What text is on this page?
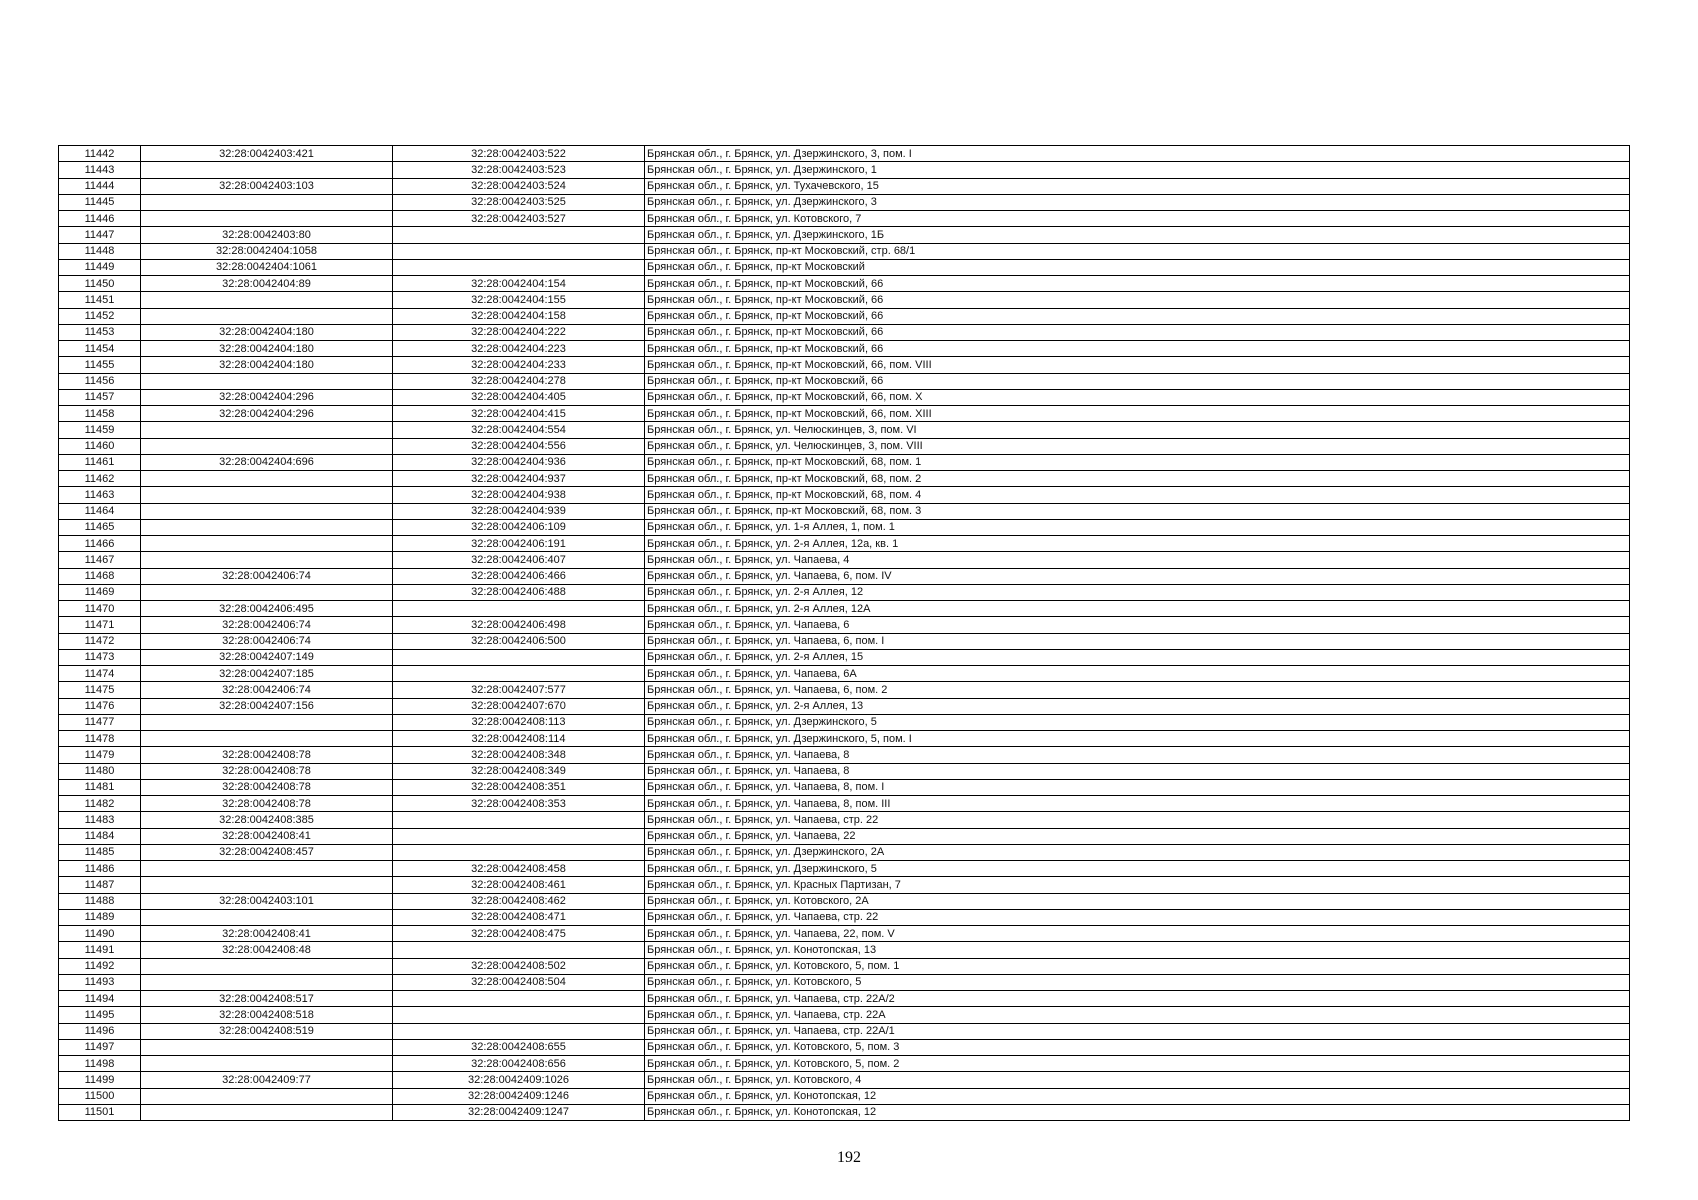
11442	32:28:0042403:421	32:28:0042403:522	Брянская обл., г. Брянск, ул. Дзержинского, 3, пом. I
11443		32:28:0042403:523	Брянская обл., г. Брянск, ул. Дзержинского, 1
11444	32:28:0042403:103	32:28:0042403:524	Брянская обл., г. Брянск, ул. Тухачевского, 15
11445		32:28:0042403:525	Брянская обл., г. Брянск, ул. Дзержинского, 3
11446		32:28:0042403:527	Брянская обл., г. Брянск, ул. Котовского, 7
11447	32:28:0042403:80		Брянская обл., г. Брянск, ул. Дзержинского, 1Б
11448	32:28:0042404:1058		Брянская обл., г. Брянск, пр-кт Московский, стр. 68/1
11449	32:28:0042404:1061		Брянская обл., г. Брянск, пр-кт Московский
11450	32:28:0042404:89	32:28:0042404:154	Брянская обл., г. Брянск, пр-кт Московский, 66
11451		32:28:0042404:155	Брянская обл., г. Брянск, пр-кт Московский, 66
11452		32:28:0042404:158	Брянская обл., г. Брянск, пр-кт Московский, 66
11453	32:28:0042404:180	32:28:0042404:222	Брянская обл., г. Брянск, пр-кт Московский, 66
11454	32:28:0042404:180	32:28:0042404:223	Брянская обл., г. Брянск, пр-кт Московский, 66
11455	32:28:0042404:180	32:28:0042404:233	Брянская обл., г. Брянск, пр-кт Московский, 66, пом. VIII
11456		32:28:0042404:278	Брянская обл., г. Брянск, пр-кт Московский, 66
11457	32:28:0042404:296	32:28:0042404:405	Брянская обл., г. Брянск, пр-кт Московский, 66, пом. X
11458	32:28:0042404:296	32:28:0042404:415	Брянская обл., г. Брянск, пр-кт Московский, 66, пом. XIII
11459		32:28:0042404:554	Брянская обл., г. Брянск, ул. Челюскинцев, 3, пом. VI
11460		32:28:0042404:556	Брянская обл., г. Брянск, ул. Челюскинцев, 3, пом. VIII
11461	32:28:0042404:696	32:28:0042404:936	Брянская обл., г. Брянск, пр-кт Московский, 68, пом. 1
11462		32:28:0042404:937	Брянская обл., г. Брянск, пр-кт Московский, 68, пом. 2
11463		32:28:0042404:938	Брянская обл., г. Брянск, пр-кт Московский, 68, пом. 4
11464		32:28:0042404:939	Брянская обл., г. Брянск, пр-кт Московский, 68, пом. 3
11465		32:28:0042406:109	Брянская обл., г. Брянск, ул. 1-я Аллея, 1, пом. 1
11466		32:28:0042406:191	Брянская обл., г. Брянск, ул. 2-я Аллея, 12а, кв. 1
11467		32:28:0042406:407	Брянская обл., г. Брянск, ул. Чапаева, 4
11468	32:28:0042406:74	32:28:0042406:466	Брянская обл., г. Брянск, ул. Чапаева, 6, пом. IV
11469		32:28:0042406:488	Брянская обл., г. Брянск, ул. 2-я Аллея, 12
11470	32:28:0042406:495		Брянская обл., г. Брянск, ул. 2-я Аллея, 12А
11471	32:28:0042406:74	32:28:0042406:498	Брянская обл., г. Брянск, ул. Чапаева, 6
11472	32:28:0042406:74	32:28:0042406:500	Брянская обл., г. Брянск, ул. Чапаева, 6, пом. I
11473	32:28:0042407:149		Брянская обл., г. Брянск, ул. 2-я Аллея, 15
11474	32:28:0042407:185		Брянская обл., г. Брянск, ул. Чапаева, 6А
11475	32:28:0042406:74	32:28:0042407:577	Брянская обл., г. Брянск, ул. Чапаева, 6, пом. 2
11476	32:28:0042407:156	32:28:0042407:670	Брянская обл., г. Брянск, ул. 2-я Аллея, 13
11477		32:28:0042408:113	Брянская обл., г. Брянск, ул. Дзержинского, 5
11478		32:28:0042408:114	Брянская обл., г. Брянск, ул. Дзержинского, 5, пом. I
11479	32:28:0042408:78	32:28:0042408:348	Брянская обл., г. Брянск, ул. Чапаева, 8
11480	32:28:0042408:78	32:28:0042408:349	Брянская обл., г. Брянск, ул. Чапаева, 8
11481	32:28:0042408:78	32:28:0042408:351	Брянская обл., г. Брянск, ул. Чапаева, 8, пом. I
11482	32:28:0042408:78	32:28:0042408:353	Брянская обл., г. Брянск, ул. Чапаева, 8, пом. III
11483	32:28:0042408:385		Брянская обл., г. Брянск, ул. Чапаева, стр. 22
11484	32:28:0042408:41		Брянская обл., г. Брянск, ул. Чапаева, 22
11485	32:28:0042408:457		Брянская обл., г. Брянск, ул. Дзержинского, 2А
11486		32:28:0042408:458	Брянская обл., г. Брянск, ул. Дзержинского, 5
11487		32:28:0042408:461	Брянская обл., г. Брянск, ул. Красных Партизан, 7
11488	32:28:0042403:101	32:28:0042408:462	Брянская обл., г. Брянск, ул. Котовского, 2А
11489		32:28:0042408:471	Брянская обл., г. Брянск, ул. Чапаева, стр. 22
11490	32:28:0042408:41	32:28:0042408:475	Брянская обл., г. Брянск, ул. Чапаева, 22, пом. V
11491	32:28:0042408:48		Брянская обл., г. Брянск, ул. Конотопская, 13
11492		32:28:0042408:502	Брянская обл., г. Брянск, ул. Котовского, 5, пом. 1
11493		32:28:0042408:504	Брянская обл., г. Брянск, ул. Котовского, 5
11494	32:28:0042408:517		Брянская обл., г. Брянск, ул. Чапаева, стр. 22А/2
11495	32:28:0042408:518		Брянская обл., г. Брянск, ул. Чапаева, стр. 22А
11496	32:28:0042408:519		Брянская обл., г. Брянск, ул. Чапаева, стр. 22А/1
11497		32:28:0042408:655	Брянская обл., г. Брянск, ул. Котовского, 5, пом. 3
11498		32:28:0042408:656	Брянская обл., г. Брянск, ул. Котовского, 5, пом. 2
11499	32:28:0042409:77	32:28:0042409:1026	Брянская обл., г. Брянск, ул. Котовского, 4
11500		32:28:0042409:1246	Брянская обл., г. Брянск, ул. Конотопская, 12
11501		32:28:0042409:1247	Брянская обл., г. Брянск, ул. Конотопская, 12
192
